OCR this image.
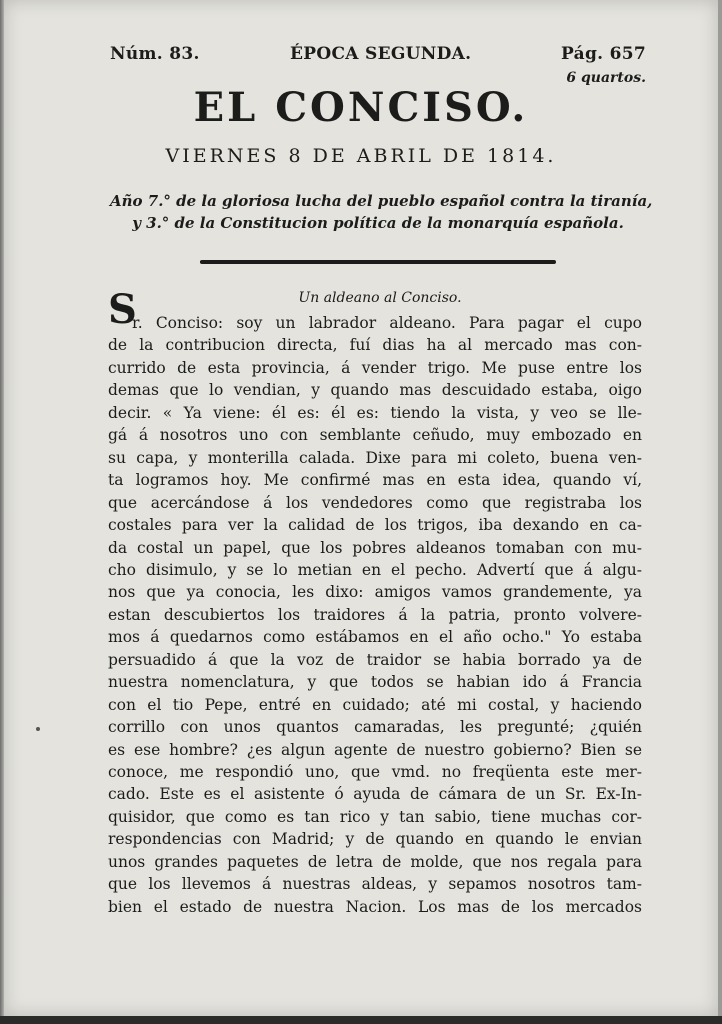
Núm. 83.	ÉPOCA SEGUNDA.	Pág. 657
6 quartos.
EL CONCISO.
VIERNES 8 DE ABRIL DE 1814.
Año 7.° de la gloriosa lucha del pueblo español contra la tiranía,
y 3.° de la Constitucion política de la monarquía española.
Un aldeano al Conciso.
S
r. Conciso: soy un labrador aldeano. Para pagar el cupo
de la contribucion directa, fuí dias ha al mercado mas con-
currido de esta provincia, á vender trigo. Me puse entre los
demas que lo vendian, y quando mas descuidado estaba, oigo
decir. « Ya viene: él es: él es: tiendo la vista, y veo se lle-
gá á nosotros uno con semblante ceñudo, muy embozado en
su capa, y monterilla calada. Dixe para mi coleto, buena ven-
ta logramos hoy. Me confirmé mas en esta idea, quando ví,
que acercándose á los vendedores como que registraba los
costales para ver la calidad de los trigos, iba dexando en ca-
da costal un papel, que los pobres aldeanos tomaban con mu-
cho disimulo, y se lo metian en el pecho. Advertí que á algu-
nos que ya conocia, les dixo: amigos vamos grandemente, ya
estan descubiertos los traidores á la patria, pronto volvere-
mos á quedarnos como estábamos en el año ocho." Yo estaba
persuadido á que la voz de traidor se habia borrado ya de
nuestra nomenclatura, y que todos se habian ido á Francia
con el tio Pepe, entré en cuidado; até mi costal, y haciendo
corrillo con unos quantos camaradas, les pregunté; ¿quién
es ese hombre? ¿es algun agente de nuestro gobierno? Bien se
conoce, me respondió uno, que vmd. no freqüenta este mer-
cado. Este es el asistente ó ayuda de cámara de un Sr. Ex-In-
quisidor, que como es tan rico y tan sabio, tiene muchas cor-
respondencias con Madrid; y de quando en quando le envian
unos grandes paquetes de letra de molde, que nos regala para
que los llevemos á nuestras aldeas, y sepamos nosotros tam-
bien el estado de nuestra Nacion. Los mas de los mercados
